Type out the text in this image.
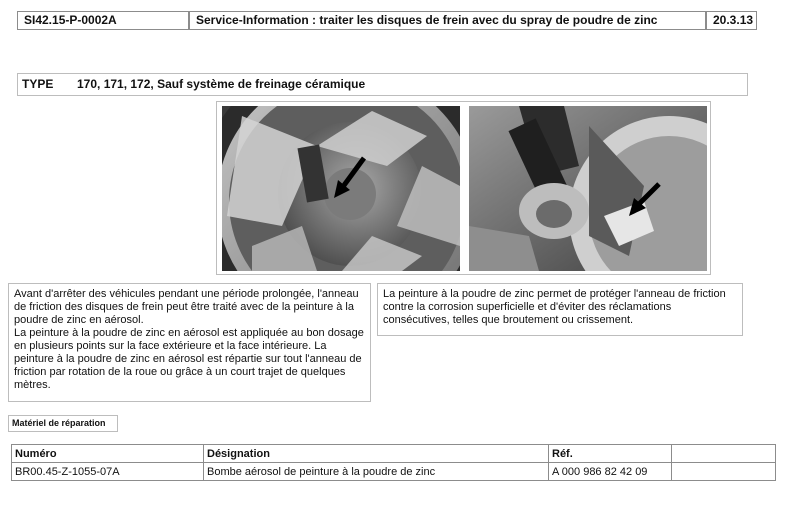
SI42.15-P-0002A	Service-Information : traiter les disques de frein avec du spray de poudre de zinc	20.3.13
TYPE 170, 171, 172, Sauf système de freinage céramique

Avant d'arrêter des véhicules pendant une période prolongée, l'anneau de friction des disques de frein peut être traité avec de la peinture à la poudre de zinc en aérosol.

La peinture à la poudre de zinc en aérosol est appliquée au bon dosage en plusieurs points sur la face extérieure et la face intérieure. La peinture à la poudre de zinc en aérosol est répartie sur tout l'anneau de friction par rotation de la roue ou grâce à un court trajet de quelques mètres.

La peinture à la poudre de zinc permet de protéger l'anneau de friction contre la corrosion superficielle et d'éviter des réclamations consécutives, telles que broutement ou crissement.

Matériel de réparation
Numéro	Désignation	Réf.	
BR00.45-Z-1055-07A	Bombe aérosol de peinture à la poudre de zinc	A 000 986 82 42 09	
